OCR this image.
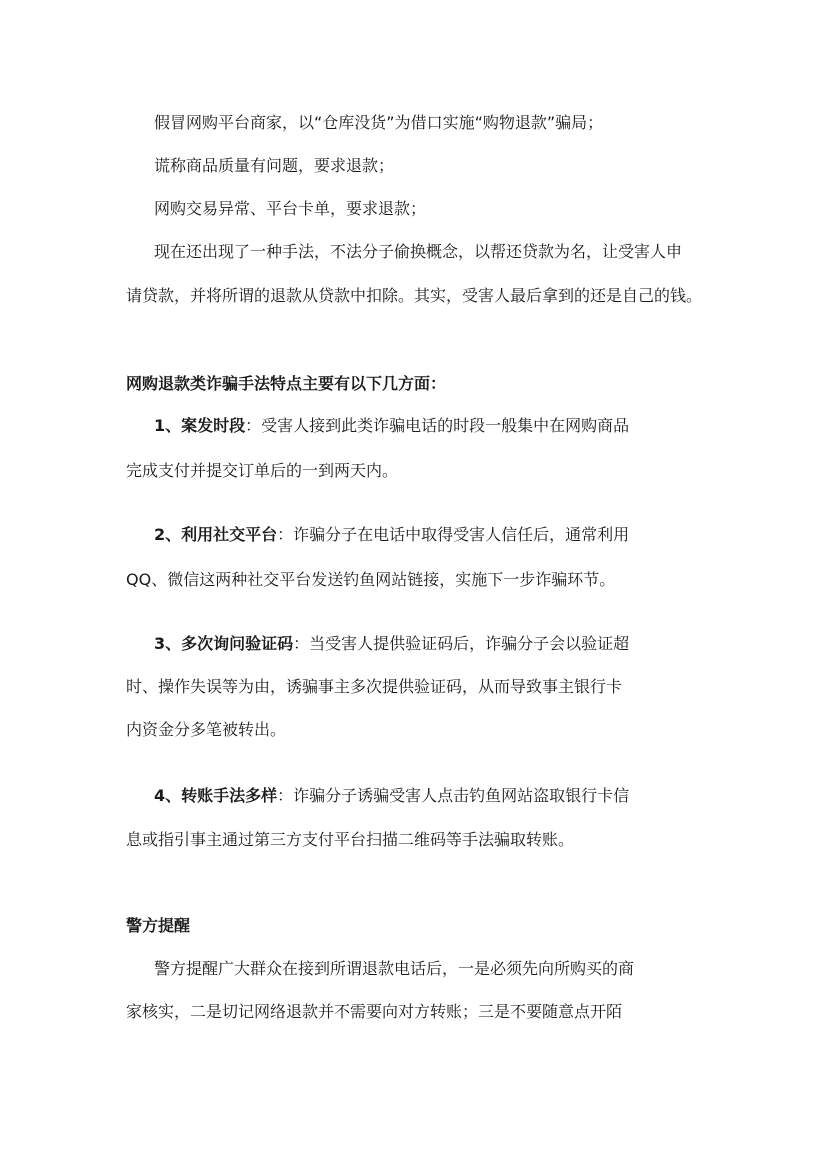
假冒网购平台商家，以“仓库没货”为借口实施“购物退款”骗局；
谎称商品质量有问题，要求退款；
网购交易异常、平台卡单，要求退款；
现在还出现了一种手法，不法分子偷换概念，以帮还贷款为名，让受害人申
请贷款，并将所谓的退款从贷款中扣除。其实，受害人最后拿到的还是自己的钱。
网购退款类诈骗手法特点主要有以下几方面：
1、案发时段：受害人接到此类诈骗电话的时段一般集中在网购商品
完成支付并提交订单后的一到两天内。
2、利用社交平台：诈骗分子在电话中取得受害人信任后，通常利用
QQ、微信这两种社交平台发送钓鱼网站链接，实施下一步诈骗环节。
3、多次询问验证码：当受害人提供验证码后，诈骗分子会以验证超
时、操作失误等为由，诱骗事主多次提供验证码，从而导致事主银行卡
内资金分多笔被转出。
4、转账手法多样：诈骗分子诱骗受害人点击钓鱼网站盗取银行卡信
息或指引事主通过第三方支付平台扫描二维码等手法骗取转账。
警方提醒
警方提醒广大群众在接到所谓退款电话后，一是必须先向所购买的商
家核实，二是切记网络退款并不需要向对方转账；三是不要随意点开陌
